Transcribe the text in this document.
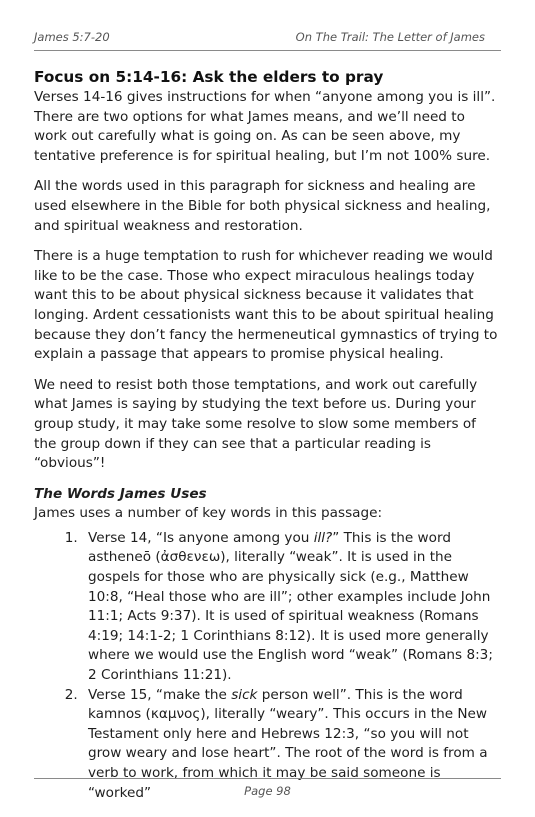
James 5:7-20	On The Trail: The Letter of James
Focus on 5:14-16: Ask the elders to pray

Verses 14-16 gives instructions for when “anyone among you is ill”. There are two options for what James means, and we’ll need to work out carefully what is going on. As can be seen above, my tentative preference is for spiritual healing, but I’m not 100% sure.

All the words used in this paragraph for sickness and healing are used elsewhere in the Bible for both physical sickness and healing, and spiritual weakness and restoration.

There is a huge temptation to rush for whichever reading we would like to be the case. Those who expect miraculous healings today want this to be about physical sickness because it validates that longing. Ardent cessationists want this to be about spiritual healing because they don’t fancy the hermeneutical gymnastics of trying to explain a passage that appears to promise physical healing.

We need to resist both those temptations, and work out carefully what James is saying by studying the text before us. During your group study, it may take some resolve to slow some members of the group down if they can see that a particular reading is “obvious”!

The Words James Uses
James uses a number of key words in this passage:
1. Verse 14, “Is anyone among you ill?” This is the word astheneō (ἀσθενεω), literally “weak”. It is used in the gospels for those who are physically sick (e.g., Matthew 10:8, “Heal those who are ill”; other examples include John 11:1; Acts 9:37). It is used of spiritual weakness (Romans 4:19; 14:1-2; 1 Corinthians 8:12). It is used more generally where we would use the English word “weak” (Romans 8:3; 2 Corinthians 11:21).
2. Verse 15, “make the sick person well”. This is the word kamnos (καμνος), literally “weary”. This occurs in the New Testament only here and Hebrews 12:3, “so you will not grow weary and lose heart”. The root of the word is from a verb to work, from which it may be said someone is “worked”	Page 98
